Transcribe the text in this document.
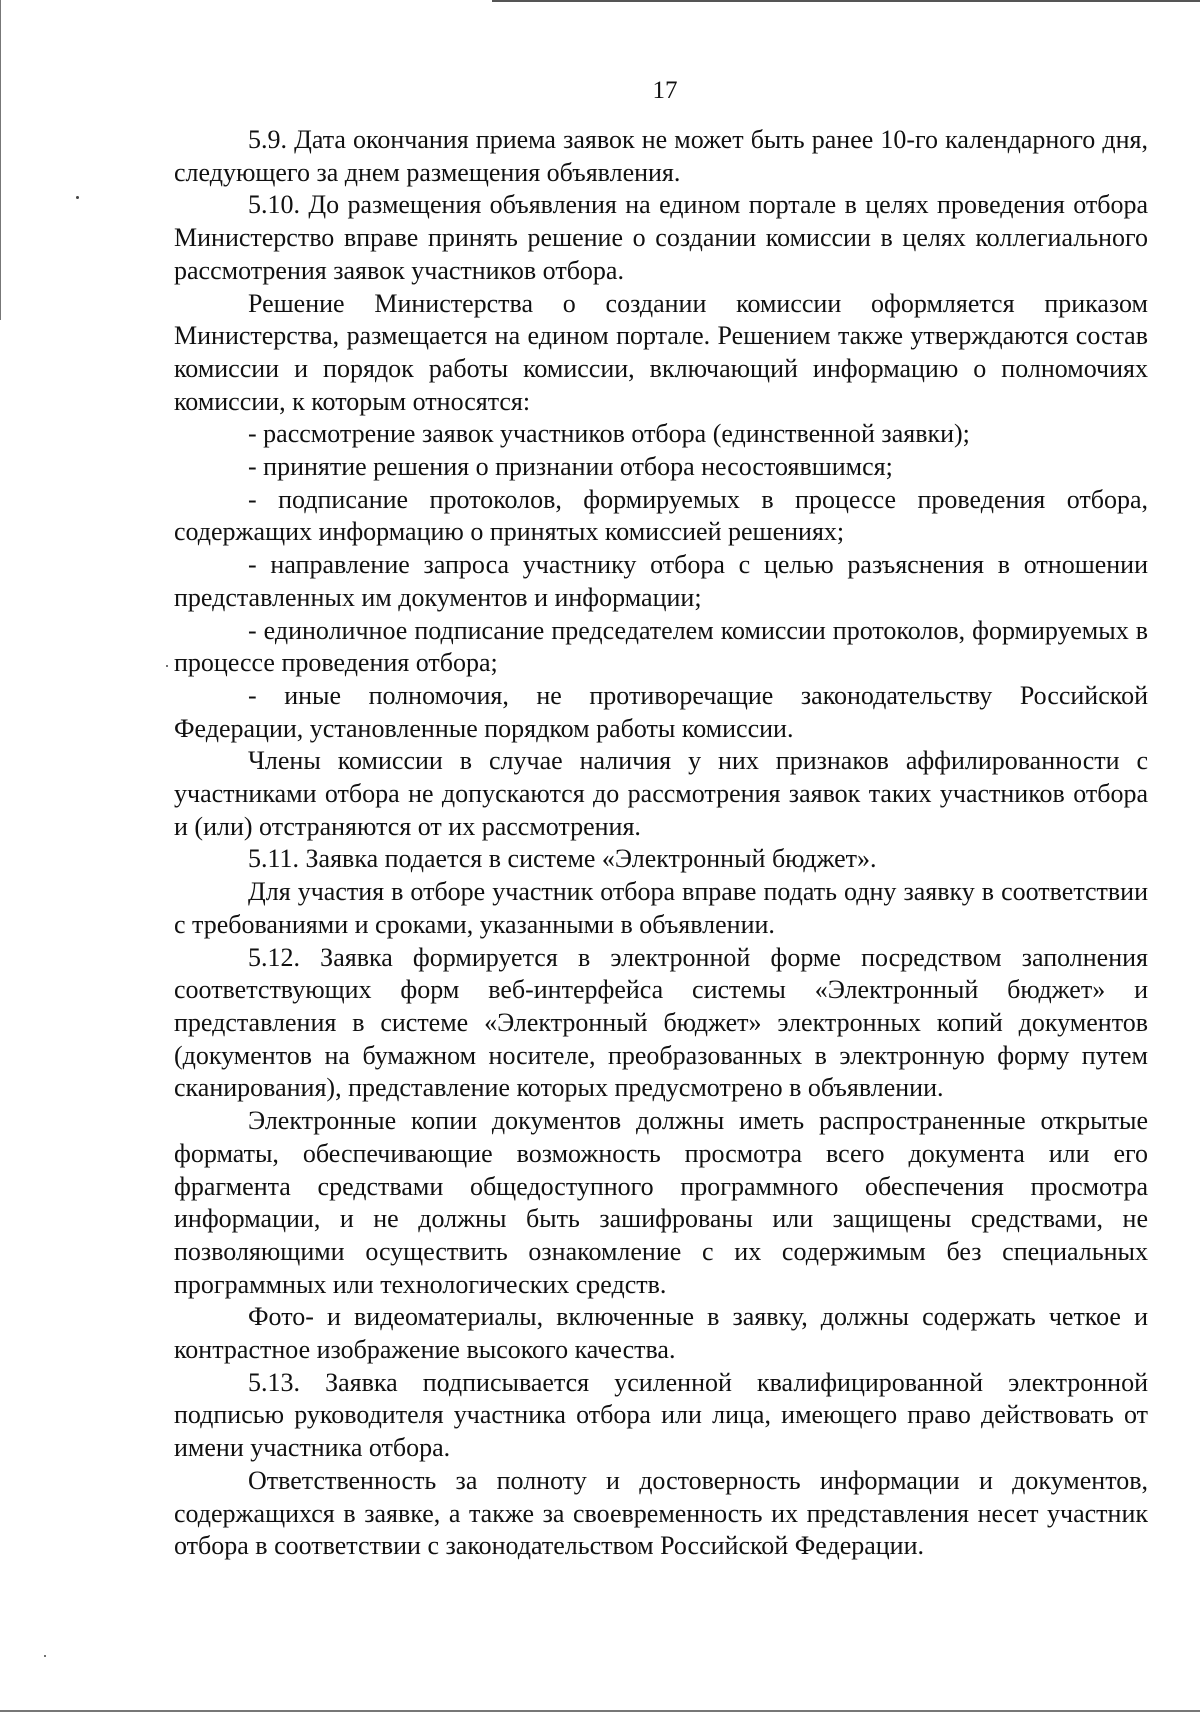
17

5.9. Дата окончания приема заявок не может быть ранее 10-го календарного дня, следующего за днем размещения объявления.

5.10. До размещения объявления на едином портале в целях проведения отбора Министерство вправе принять решение о создании комиссии в целях коллегиального рассмотрения заявок участников отбора.

Решение Министерства о создании комиссии оформляется приказом Министерства, размещается на едином портале. Решением также утверждаются состав комиссии и порядок работы комиссии, включающий информацию о полномочиях комиссии, к которым относятся:

- рассмотрение заявок участников отбора (единственной заявки);

- принятие решения о признании отбора несостоявшимся;

- подписание протоколов, формируемых в процессе проведения отбора, содержащих информацию о принятых комиссией решениях;

- направление запроса участнику отбора с целью разъяснения в отношении представленных им документов и информации;

- единоличное подписание председателем комиссии протоколов, формируемых в процессе проведения отбора;

- иные полномочия, не противоречащие законодательству Российской Федерации, установленные порядком работы комиссии.

Члены комиссии в случае наличия у них признаков аффилированности с участниками отбора не допускаются до рассмотрения заявок таких участников отбора и (или) отстраняются от их рассмотрения.

5.11. Заявка подается в системе «Электронный бюджет».

Для участия в отборе участник отбора вправе подать одну заявку в соответствии с требованиями и сроками, указанными в объявлении.

5.12. Заявка формируется в электронной форме посредством заполнения соответствующих форм веб-интерфейса системы «Электронный бюджет» и представления в системе «Электронный бюджет» электронных копий документов (документов на бумажном носителе, преобразованных в электронную форму путем сканирования), представление которых предусмотрено в объявлении.

Электронные копии документов должны иметь распространенные открытые форматы, обеспечивающие возможность просмотра всего документа или его фрагмента средствами общедоступного программного обеспечения просмотра информации, и не должны быть зашифрованы или защищены средствами, не позволяющими осуществить ознакомление с их содержимым без специальных программных или технологических средств.

Фото- и видеоматериалы, включенные в заявку, должны содержать четкое и контрастное изображение высокого качества.

5.13. Заявка подписывается усиленной квалифицированной электронной подписью руководителя участника отбора или лица, имеющего право действовать от имени участника отбора.

Ответственность за полноту и достоверность информации и документов, содержащихся в заявке, а также за своевременность их представления несет участник отбора в соответствии с законодательством Российской Федерации.
